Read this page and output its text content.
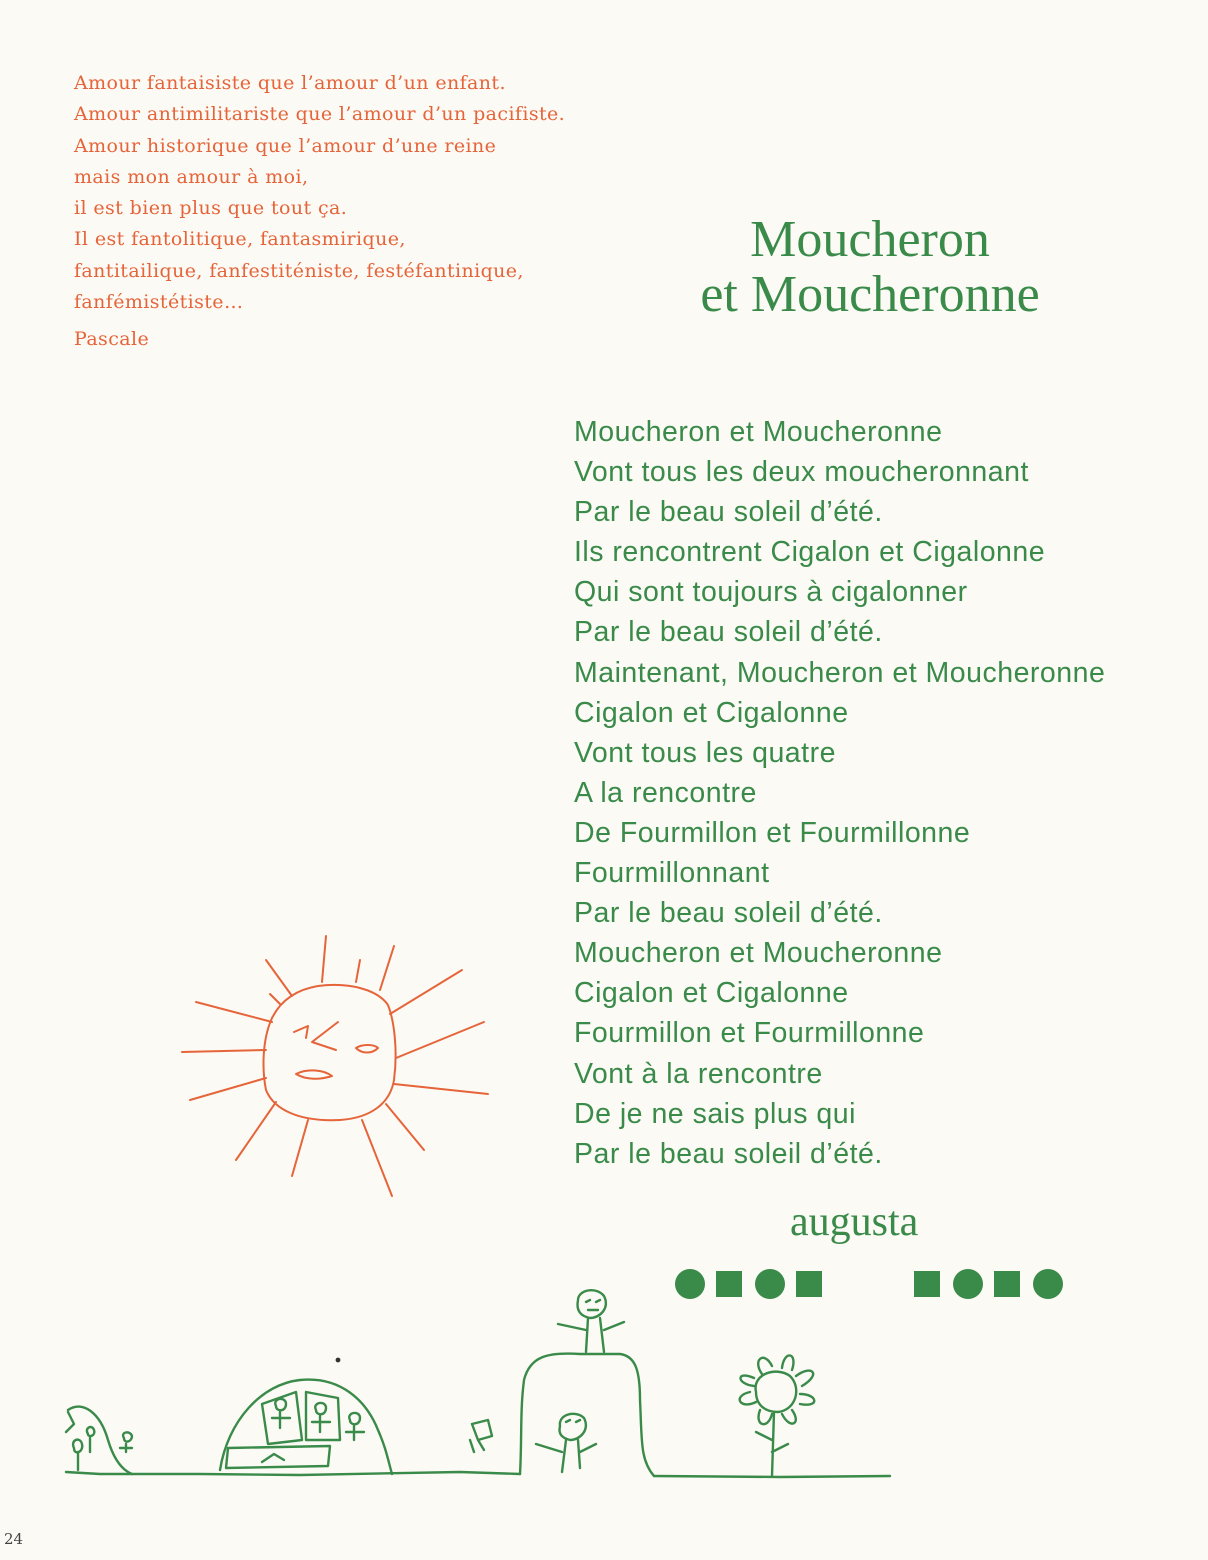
Amour fantaisiste que l’amour d’un enfant.
Amour antimilitariste que l’amour d’un pacifiste.
Amour historique que l’amour d’une reine
mais mon amour à moi,
il est bien plus que tout ça.
Il est fantolitique, fantasmirique,
fantitailique, fanfestiténiste, festéfantinique,
fanfémistétiste…
Pascale
Moucheron
et Moucheronne
Moucheron et Moucheronne
Vont tous les deux moucheronnant
Par le beau soleil d’été.
Ils rencontrent Cigalon et Cigalonne
Qui sont toujours à cigalonner
Par le beau soleil d’été.
Maintenant, Moucheron et Moucheronne
Cigalon et Cigalonne
Vont tous les quatre
A la rencontre
De Fourmillon et Fourmillonne
Fourmillonnant
Par le beau soleil d’été.
Moucheron et Moucheronne
Cigalon et Cigalonne
Fourmillon et Fourmillonne
Vont à la rencontre
De je ne sais plus qui
Par le beau soleil d’été.
augusta
24
